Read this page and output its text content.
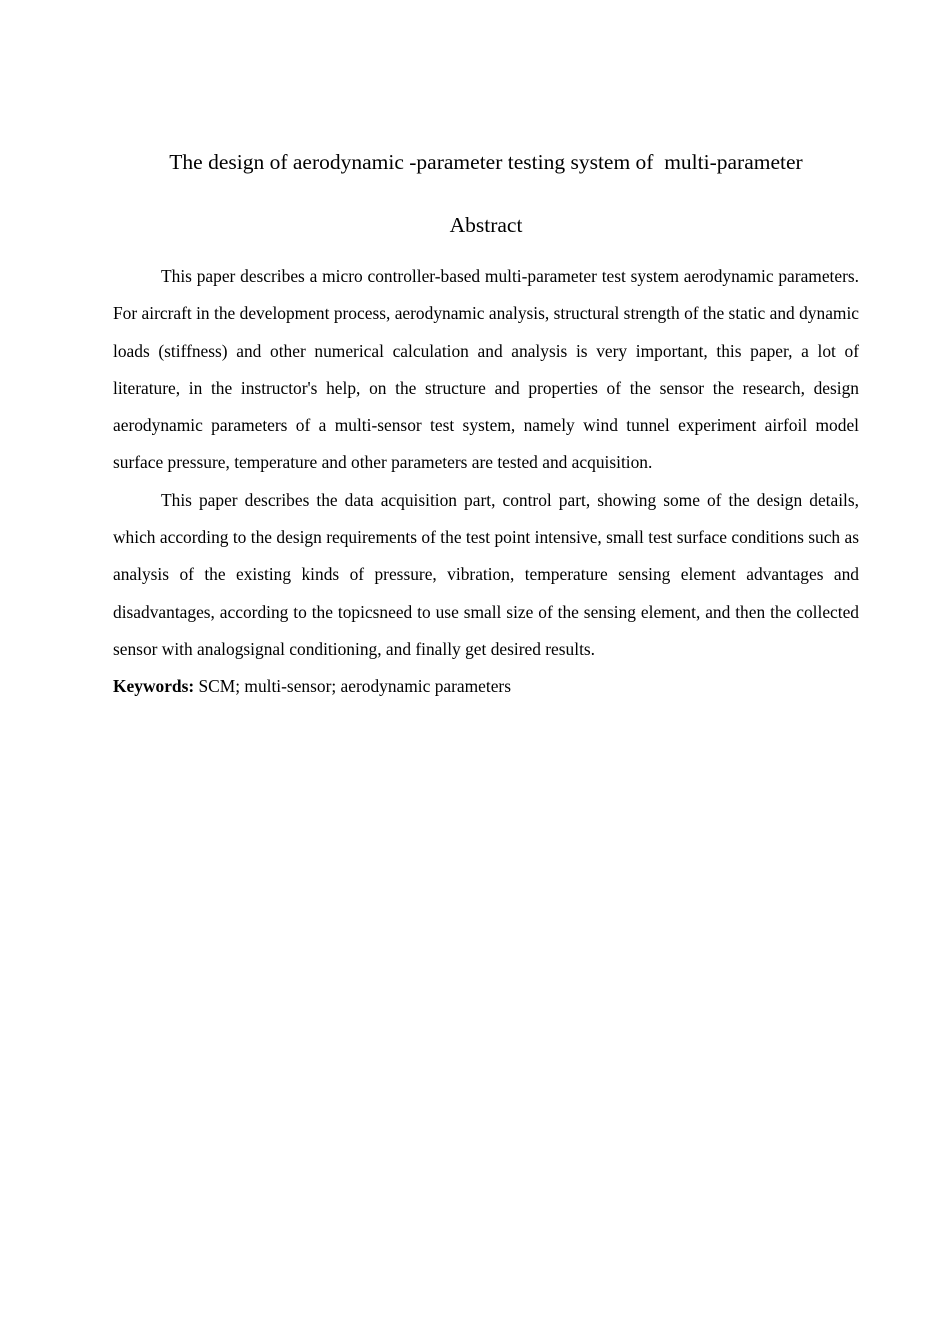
The design of aerodynamic -parameter testing system of  multi-parameter
Abstract

This paper describes a micro controller-based multi-parameter test system aerodynamic parameters. For aircraft in the development process, aerodynamic analysis, structural strength of the static and dynamic loads (stiffness) and other numerical calculation and analysis is very important, this paper, a lot of literature, in the instructor's help, on the structure and properties of the sensor the research, design aerodynamic parameters of a multi-sensor test system, namely wind tunnel experiment airfoil model surface pressure, temperature and other parameters are tested and acquisition.

This paper describes the data acquisition part, control part, showing some of the design details, which according to the design requirements of the test point intensive, small test surface conditions such as analysis of the existing kinds of pressure, vibration, temperature sensing element advantages and disadvantages, according to the topicsneed to use small size of the sensing element, and then the collected sensor with analogsignal conditioning, and finally get desired results.

Keywords: SCM; multi-sensor; aerodynamic parameters
